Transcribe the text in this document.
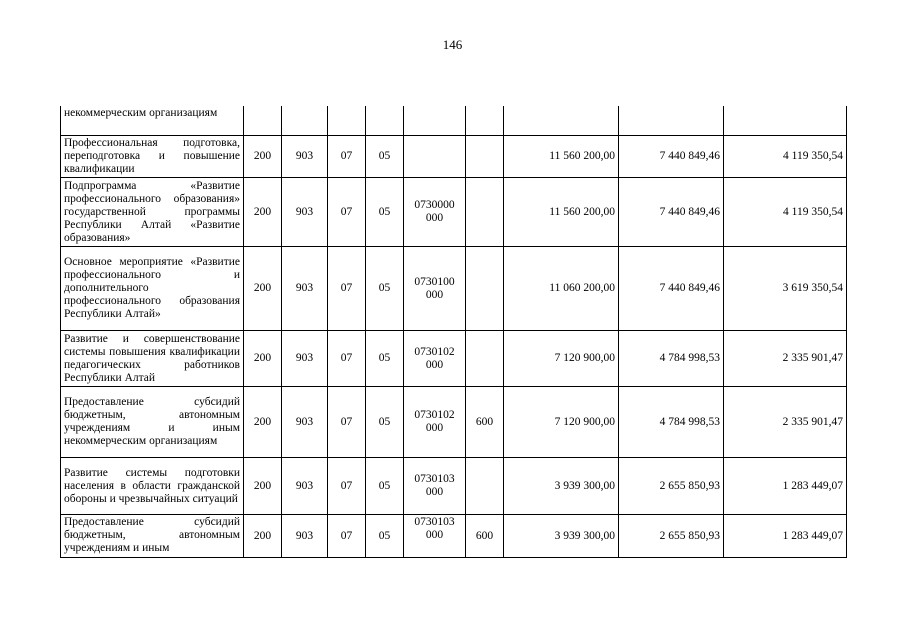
146
некоммерческим организациям									
Профессиональная подготовка, переподготовка и повышение квалификации	200	903	07	05			11 560 200,00	7 440 849,46	4 119 350,54
Подпрограмма «Развитие профессионального образования» государственной программы Республики Алтай «Развитие образования»	200	903	07	05	0730000 000		11 560 200,00	7 440 849,46	4 119 350,54
Основное мероприятие «Развитие профессионального и дополнительного профессионального образования Республики Алтай»	200	903	07	05	0730100 000		11 060 200,00	7 440 849,46	3 619 350,54
Развитие и совершенствование системы повышения квалификации педагогических работников Республики Алтай	200	903	07	05	0730102 000		7 120 900,00	4 784 998,53	2 335 901,47
Предоставление субсидий бюджетным, автономным учреждениям и иным некоммерческим организациям	200	903	07	05	0730102 000	600	7 120 900,00	4 784 998,53	2 335 901,47
Развитие системы подготовки населения в области гражданской обороны и чрезвычайных ситуаций	200	903	07	05	0730103 000		3 939 300,00	2 655 850,93	1 283 449,07
Предоставление субсидий бюджетным, автономным учреждениям и иным	200	903	07	05	0730103 000	600	3 939 300,00	2 655 850,93	1 283 449,07
